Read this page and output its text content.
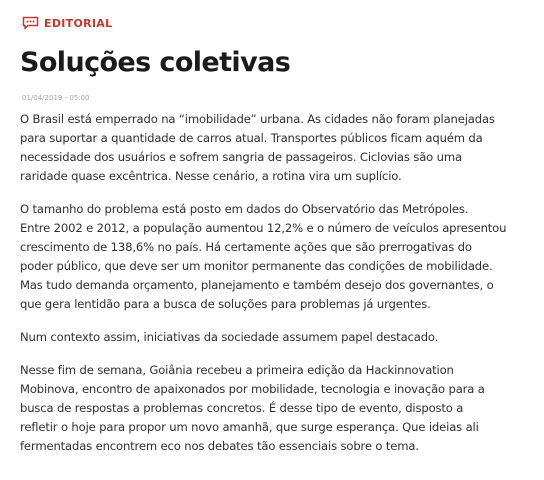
EDITORIAL
Soluções coletivas
01/04/2019 - 05:00

O Brasil está emperrado na “imobilidade” urbana. As cidades não foram planejadas
para suportar a quantidade de carros atual. Transportes públicos ficam aquém da
necessidade dos usuários e sofrem sangria de passageiros. Ciclovias são uma
raridade quase excêntrica. Nesse cenário, a rotina vira um suplício.

O tamanho do problema está posto em dados do Observatório das Metrópoles.
Entre 2002 e 2012, a população aumentou 12,2% e o número de veículos apresentou
crescimento de 138,6% no país. Há certamente ações que são prerrogativas do
poder público, que deve ser um monitor permanente das condições de mobilidade.
Mas tudo demanda orçamento, planejamento e também desejo dos governantes, o
que gera lentidão para a busca de soluções para problemas já urgentes.

Num contexto assim, iniciativas da sociedade assumem papel destacado.

Nesse fim de semana, Goiânia recebeu a primeira edição da Hackinnovation
Mobinova, encontro de apaixonados por mobilidade, tecnologia e inovação para a
busca de respostas a problemas concretos. É desse tipo de evento, disposto a
refletir o hoje para propor um novo amanhã, que surge esperança. Que ideias ali
fermentadas encontrem eco nos debates tão essenciais sobre o tema.
